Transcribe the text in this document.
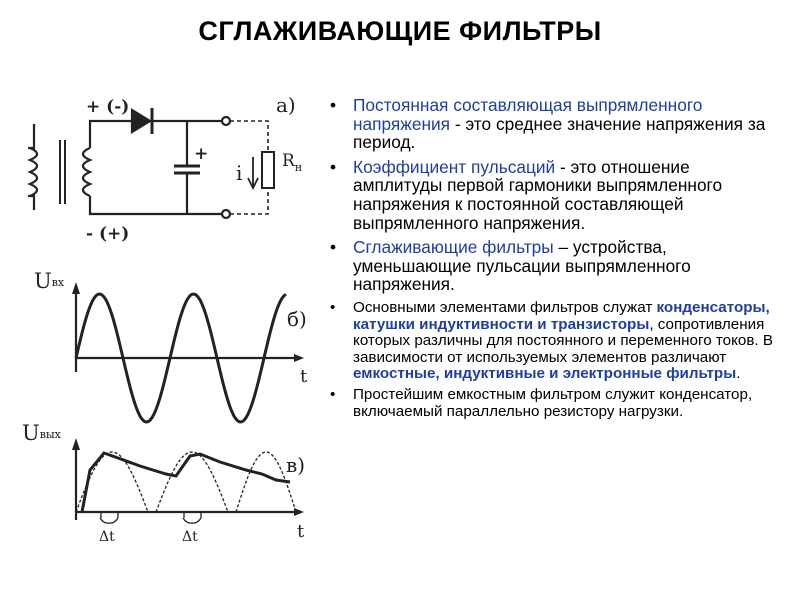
СГЛАЖИВАЮЩИЕ ФИЛЬТРЫ
а)
+ (-)
- (+)
+
i $R_н$
Uвх
б)
t
Uвых
в)
t
Δt	Δt
• Постоянная составляющая выпрямленного напряжения - это среднее значение напряжения за период.
• Коэффициент пульсаций - это отношение амплитуды первой гармоники выпрямленного напряжения к постоянной составляющей выпрямленного напряжения.
• Сглаживающие фильтры – устройства, уменьшающие пульсации выпрямленного напряжения.
• Основными элементами фильтров служат конденсаторы, катушки индуктивности и транзисторы, сопротивления которых различны для постоянного и переменного токов. В зависимости от используемых элементов различают емкостные, индуктивные и электронные фильтры.
• Простейшим емкостным фильтром служит конденсатор, включаемый параллельно резистору нагрузки.
